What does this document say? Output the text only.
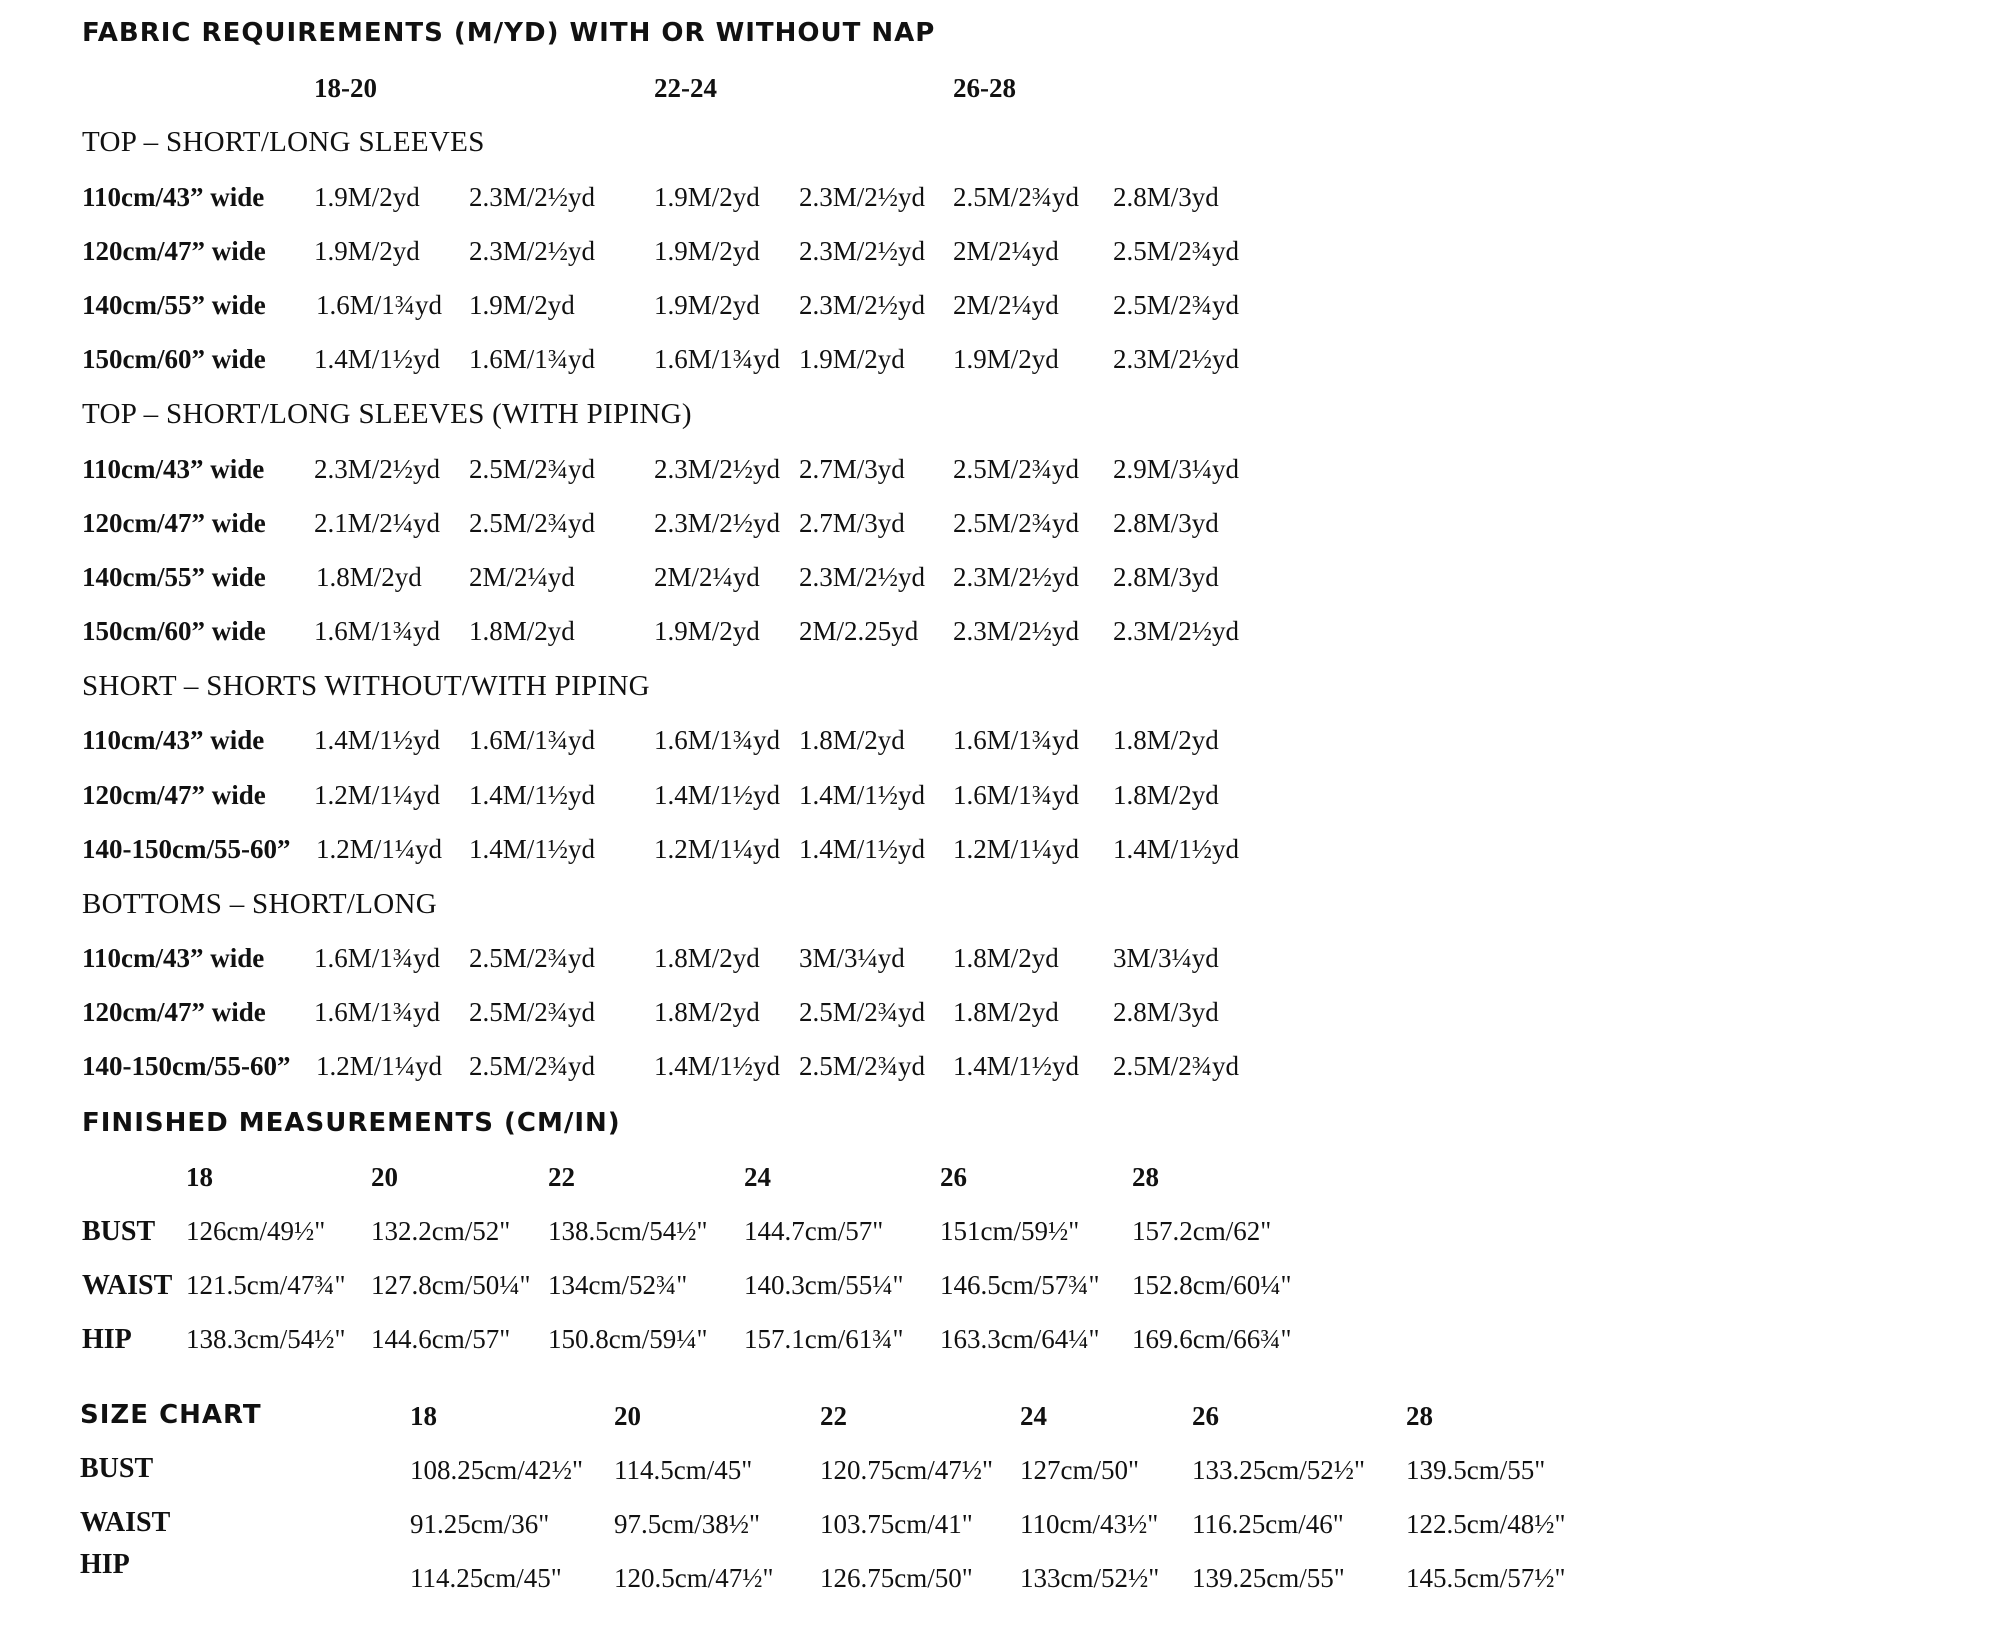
FABRIC REQUIREMENTS (M/YD) WITH OR WITHOUT NAP
18-20	22-24	26-28
TOP – SHORT/LONG SLEEVES
110cm/43” wide 1.9M/2yd 2.3M/2½yd 1.9M/2yd 2.3M/2½yd 2.5M/2¾yd 2.8M/3yd
120cm/47” wide 1.9M/2yd 2.3M/2½yd 1.9M/2yd 2.3M/2½yd 2M/2¼yd 2.5M/2¾yd
140cm/55” wide 1.6M/1¾yd 1.9M/2yd	1.9M/2yd 2.3M/2½yd 2M/2¼yd 2.5M/2¾yd
150cm/60” wide 1.4M/1½yd 1.6M/1¾yd 1.6M/1¾yd 1.9M/2yd 1.9M/2yd 2.3M/2½yd
TOP – SHORT/LONG SLEEVES (WITH PIPING)
110cm/43” wide 2.3M/2½yd 2.5M/2¾yd 2.3M/2½yd 2.7M/3yd 2.5M/2¾yd 2.9M/3¼yd
120cm/47” wide 2.1M/2¼yd 2.5M/2¾yd 2.3M/2½yd 2.7M/3yd 2.5M/2¾yd 2.8M/3yd
140cm/55” wide 1.8M/2yd 2M/2¼yd	2M/2¼yd 2.3M/2½yd 2.3M/2½yd 2.8M/3yd
150cm/60” wide 1.6M/1¾yd 1.8M/2yd	1.9M/2yd 2M/2.25yd 2.3M/2½yd 2.3M/2½yd
SHORT – SHORTS WITHOUT/WITH PIPING
110cm/43” wide 1.4M/1½yd 1.6M/1¾yd 1.6M/1¾yd 1.8M/2yd 1.6M/1¾yd 1.8M/2yd
120cm/47” wide 1.2M/1¼yd 1.4M/1½yd 1.4M/1½yd 1.4M/1½yd 1.6M/1¾yd 1.8M/2yd
140-150cm/55-60” 1.2M/1¼yd 1.4M/1½yd 1.2M/1¼yd 1.4M/1½yd 1.2M/1¼yd 1.4M/1½yd
BOTTOMS – SHORT/LONG
110cm/43” wide 1.6M/1¾yd 2.5M/2¾yd 1.8M/2yd 3M/3¼yd 1.8M/2yd 3M/3¼yd
120cm/47” wide 1.6M/1¾yd 2.5M/2¾yd 1.8M/2yd 2.5M/2¾yd 1.8M/2yd 2.8M/3yd
140-150cm/55-60” 1.2M/1¼yd 2.5M/2¾yd 1.4M/1½yd 2.5M/2¾yd 1.4M/1½yd 2.5M/2¾yd
FINISHED MEASUREMENTS (CM/IN)
18	20	22	24	26	28
BUST 126cm/49½" 132.2cm/52" 138.5cm/54½" 144.7cm/57" 151cm/59½" 157.2cm/62"
WAIST 121.5cm/47¾" 127.8cm/50¼" 134cm/52¾" 140.3cm/55¼" 146.5cm/57¾" 152.8cm/60¼"
HIP 138.3cm/54½" 144.6cm/57" 150.8cm/59¼" 157.1cm/61¾" 163.3cm/64¼" 169.6cm/66¾"
SIZE CHART	18	20	22	24	26	28
BUST	108.25cm/42½" 114.5cm/45"	120.75cm/47½" 127cm/50" 133.25cm/52½" 139.5cm/55"
WAIST	91.25cm/36" 97.5cm/38½" 103.75cm/41" 110cm/43½" 116.25cm/46" 122.5cm/48½"
HIP	114.25cm/45" 120.5cm/47½" 126.75cm/50" 133cm/52½" 139.25cm/55" 145.5cm/57½"
